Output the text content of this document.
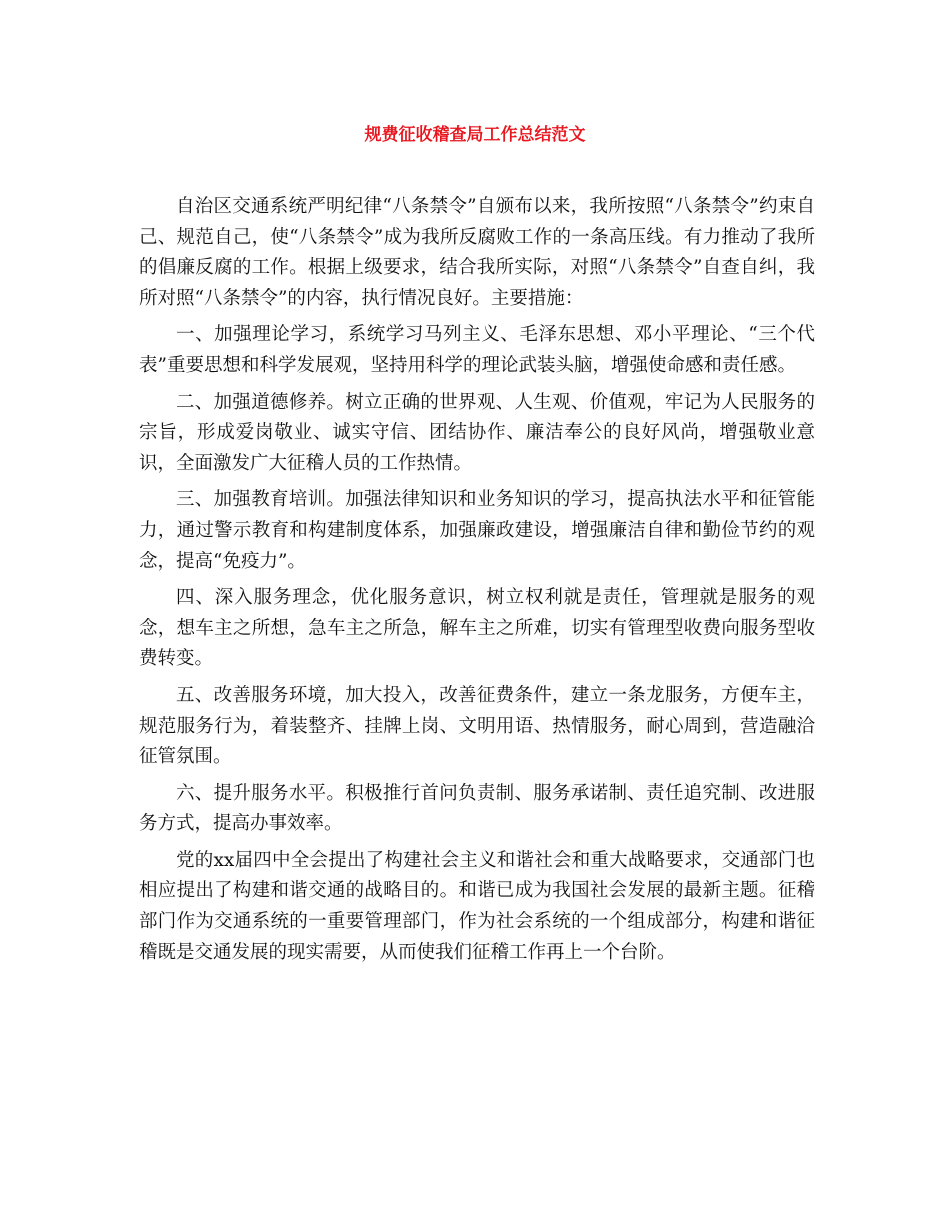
规费征收稽查局工作总结范文

自治区交通系统严明纪律“八条禁令”自颁布以来，我所按照“八条禁令”约束自己、规范自己，使“八条禁令”成为我所反腐败工作的一条高压线。有力推动了我所的倡廉反腐的工作。根据上级要求，结合我所实际，对照“八条禁令”自查自纠，我所对照“八条禁令”的内容，执行情况良好。主要措施：

一、加强理论学习，系统学习马列主义、毛泽东思想、邓小平理论、“三个代表”重要思想和科学发展观，坚持用科学的理论武装头脑，增强使命感和责任感。

二、加强道德修养。树立正确的世界观、人生观、价值观，牢记为人民服务的宗旨，形成爱岗敬业、诚实守信、团结协作、廉洁奉公的良好风尚，增强敬业意识，全面激发广大征稽人员的工作热情。

三、加强教育培训。加强法律知识和业务知识的学习，提高执法水平和征管能力，通过警示教育和构建制度体系，加强廉政建设，增强廉洁自律和勤俭节约的观念，提高“免疫力”。

四、深入服务理念，优化服务意识，树立权利就是责任，管理就是服务的观念，想车主之所想，急车主之所急，解车主之所难，切实有管理型收费向服务型收费转变。

五、改善服务环境，加大投入，改善征费条件，建立一条龙服务，方便车主，规范服务行为，着装整齐、挂牌上岗、文明用语、热情服务，耐心周到，营造融洽征管氛围。

六、提升服务水平。积极推行首问负责制、服务承诺制、责任追究制、改进服务方式，提高办事效率。

党的xx届四中全会提出了构建社会主义和谐社会和重大战略要求，交通部门也相应提出了构建和谐交通的战略目的。和谐已成为我国社会发展的最新主题。征稽部门作为交通系统的一重要管理部门，作为社会系统的一个组成部分，构建和谐征稽既是交通发展的现实需要，从而使我们征稽工作再上一个台阶。
